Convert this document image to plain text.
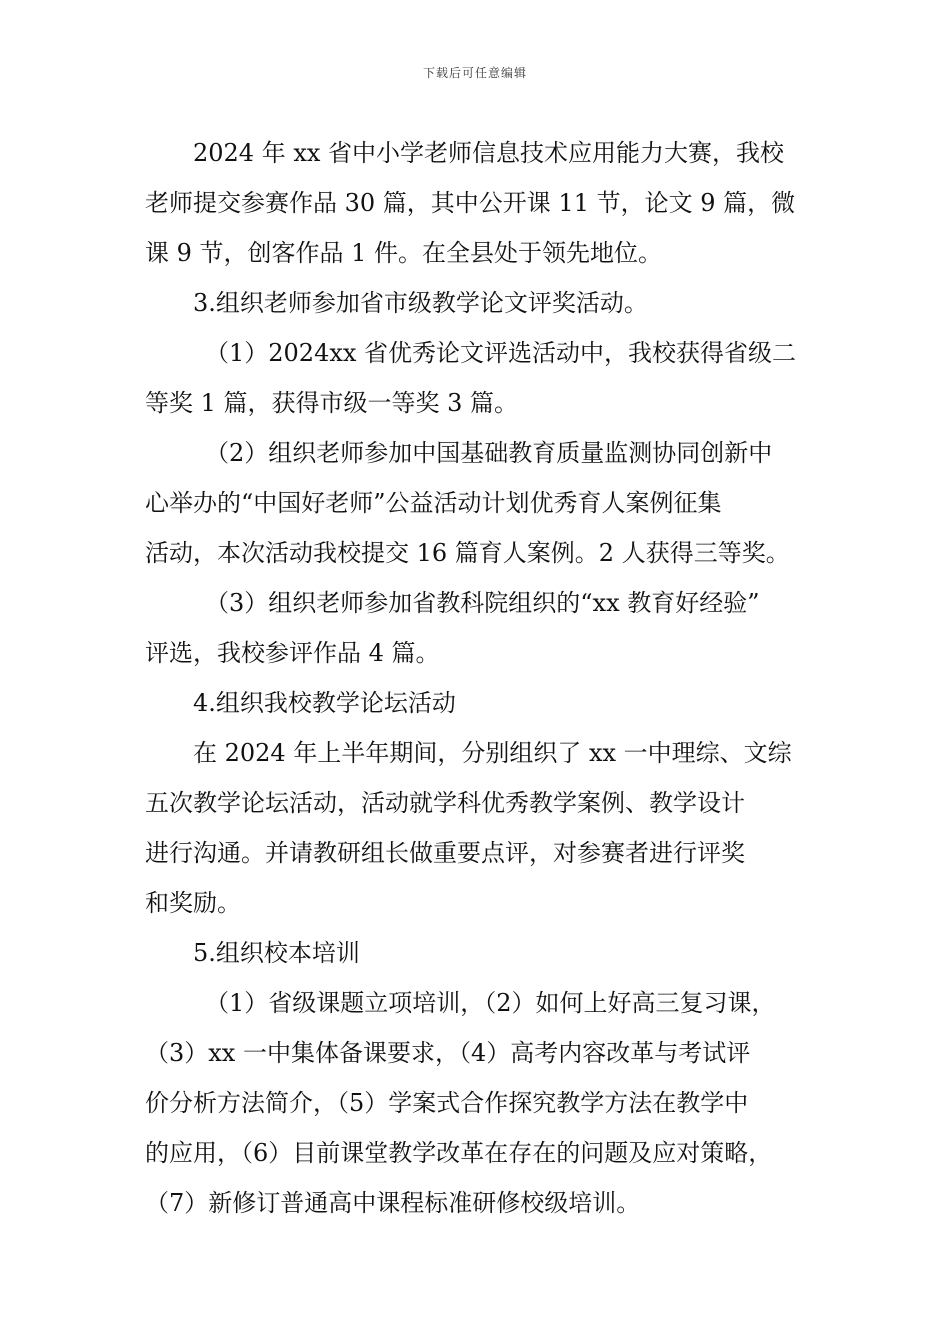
下载后可任意编辑
2024 年 xx 省中小学老师信息技术应用能力大赛，我校
老师提交参赛作品 30 篇，其中公开课 11 节，论文 9 篇，微
课 9 节，创客作品 1 件。在全县处于领先地位。
3.组织老师参加省市级教学论文评奖活动。
（1）2024xx 省优秀论文评选活动中，我校获得省级二
等奖 1 篇，获得市级一等奖 3 篇。
（2）组织老师参加中国基础教育质量监测协同创新中
心举办的“中国好老师”公益活动计划优秀育人案例征集
活动，本次活动我校提交 16 篇育人案例。2 人获得三等奖。
（3）组织老师参加省教科院组织的“xx 教育好经验”
评选，我校参评作品 4 篇。
4.组织我校教学论坛活动
在 2024 年上半年期间，分别组织了 xx 一中理综、文综
五次教学论坛活动，活动就学科优秀教学案例、教学设计
进行沟通。并请教研组长做重要点评，对参赛者进行评奖
和奖励。
5.组织校本培训
（1）省级课题立项培训，（2）如何上好高三复习课，
（3）xx 一中集体备课要求，（4）高考内容改革与考试评
价分析方法简介，（5）学案式合作探究教学方法在教学中
的应用，（6）目前课堂教学改革在存在的问题及应对策略，
（7）新修订普通高中课程标准研修校级培训。
